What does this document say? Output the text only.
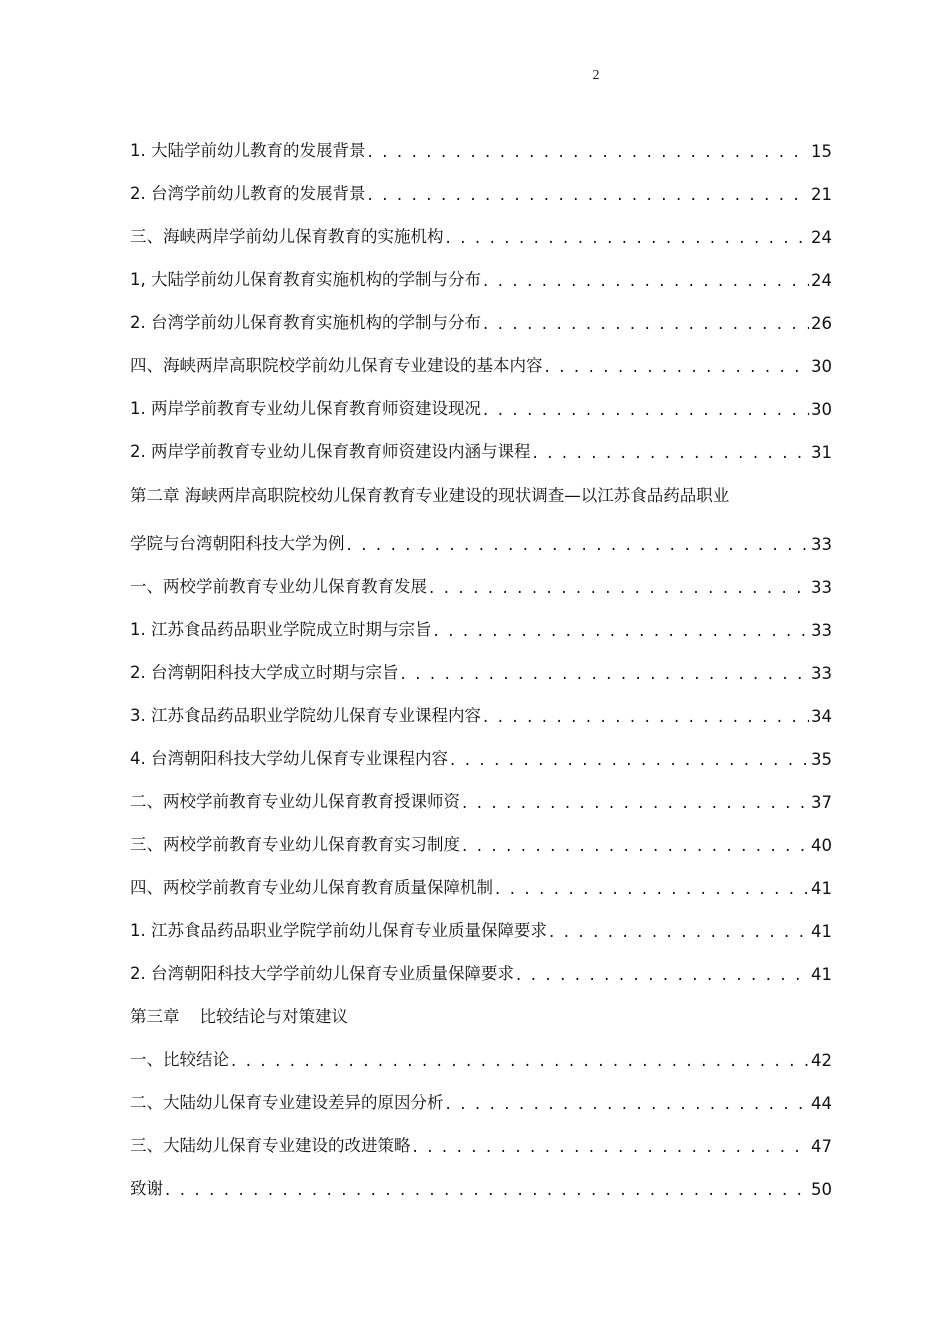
2
1. 大陆学前幼儿教育的发展背景 . . .	15
2. 台湾学前幼儿教育的发展背景 . . .	21
三、海峡两岸学前幼儿保育教育的实施机构 . . .	24
1, 大陆学前幼儿保育教育实施机构的学制与分布 . . .	24
2. 台湾学前幼儿保育教育实施机构的学制与分布 . . .	26
四、海峡两岸高职院校学前幼儿保育专业建设的基本内容 . . .	30
1. 两岸学前教育专业幼儿保育教育师资建设现况 . . .	30
2. 两岸学前教育专业幼儿保育教育师资建设内涵与课程 . . .	31
第二章 海峡两岸高职院校幼儿保育教育专业建设的现状调查—以江苏食品药品职业
学院与台湾朝阳科技大学为例 . . .	33
一、两校学前教育专业幼儿保育教育发展 . . .	33
1. 江苏食品药品职业学院成立时期与宗旨 . . .	33
2. 台湾朝阳科技大学成立时期与宗旨 . . .	33
3. 江苏食品药品职业学院幼儿保育专业课程内容 . . .	34
4. 台湾朝阳科技大学幼儿保育专业课程内容 . . .	35
二、两校学前教育专业幼儿保育教育授课师资 . . .	37
三、两校学前教育专业幼儿保育教育实习制度 . . .	40
四、两校学前教育专业幼儿保育教育质量保障机制 . . .	41
1. 江苏食品药品职业学院学前幼儿保育专业质量保障要求 . . .	41
2. 台湾朝阳科技大学学前幼儿保育专业质量保障要求 . . .	41
第三章 比较结论与对策建议
一、比较结论 . . .	42
二、大陆幼儿保育专业建设差异的原因分析 . . .	44
三、大陆幼儿保育专业建设的改进策略 . . .	47
致谢 . . .	50
